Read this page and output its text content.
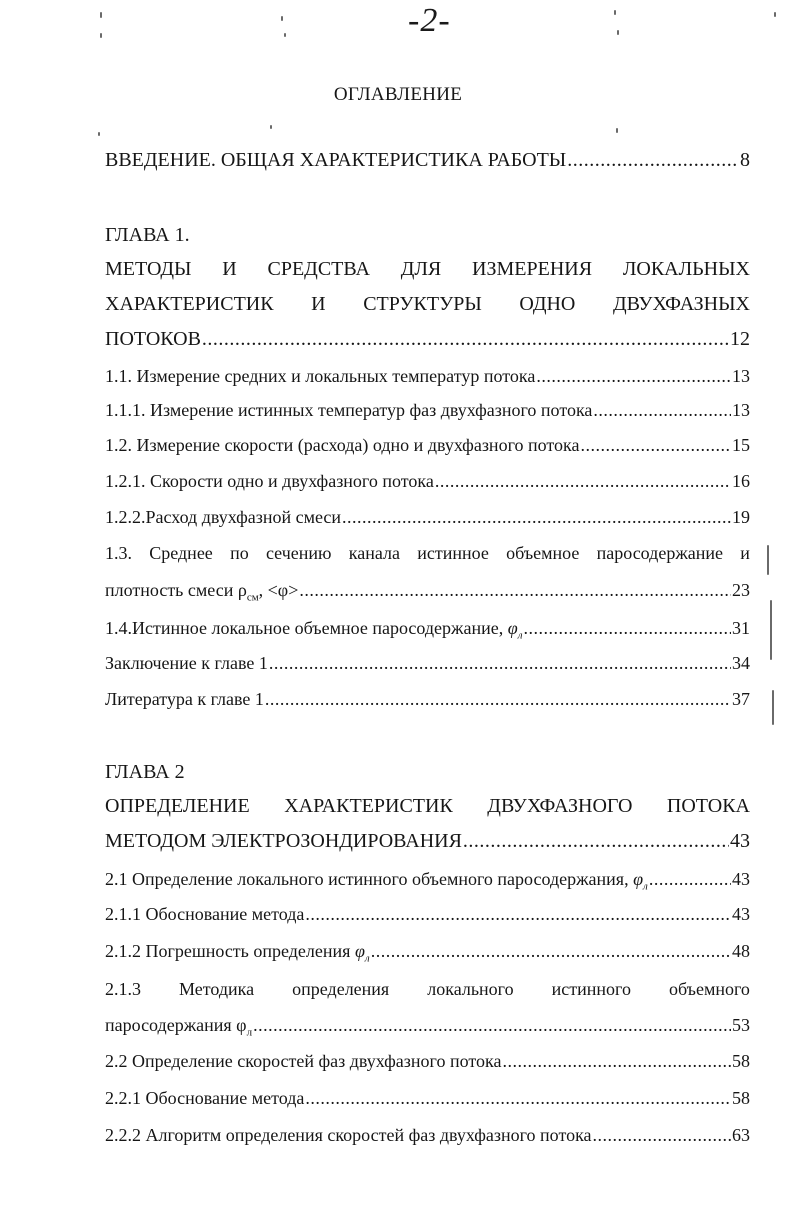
-2-
ОГЛАВЛЕНИЕ
ВВЕДЕНИЕ. ОБЩАЯ ХАРАКТЕРИСТИКА РАБОТЫ .....	8
ГЛАВА 1.
МЕТОДЫ И СРЕДСТВА ДЛЯ ИЗМЕРЕНИЯ ЛОКАЛЬНЫХ
ХАРАКТЕРИСТИК И СТРУКТУРЫ ОДНО ДВУХФАЗНЫХ
ПОТОКОВ .....	12
1.1. Измерение средних и локальных температур потока .....	13
1.1.1. Измерение истинных температур фаз двухфазного потока .....	13
1.2. Измерение скорости (расхода) одно и двухфазного потока .....	15
1.2.1. Скорости одно и двухфазного потока .....	16
1.2.2.Расход двухфазной смеси .....	19
1.3. Среднее по сечению канала истинное объемное паросодержание и
плотность смеси $\rho_{см}$, <φ> .....	23
1.4.Истинное локальное объемное паросодержание, $\varphi_л$ .....	31
Заключение к главе 1 .....	34
Литература к главе 1 .....	37
ГЛАВА 2
ОПРЕДЕЛЕНИЕ ХАРАКТЕРИСТИК ДВУХФАЗНОГО ПОТОКА
МЕТОДОМ ЭЛЕКТРОЗОНДИРОВАНИЯ .....	43
2.1 Определение локального истинного объемного паросодержания, $\varphi_л$ .....	43
2.1.1 Обоснование метода .....	43
2.1.2 Погрешность определения $\varphi_л$ .....	48
2.1.3 Методика определения локального истинного объемного
паросодержания $\varphi_л$ .....	53
2.2 Определение скоростей фаз двухфазного потока .....	58
2.2.1 Обоснование метода .....	58
2.2.2 Алгоритм определения скоростей фаз двухфазного потока .....	63
